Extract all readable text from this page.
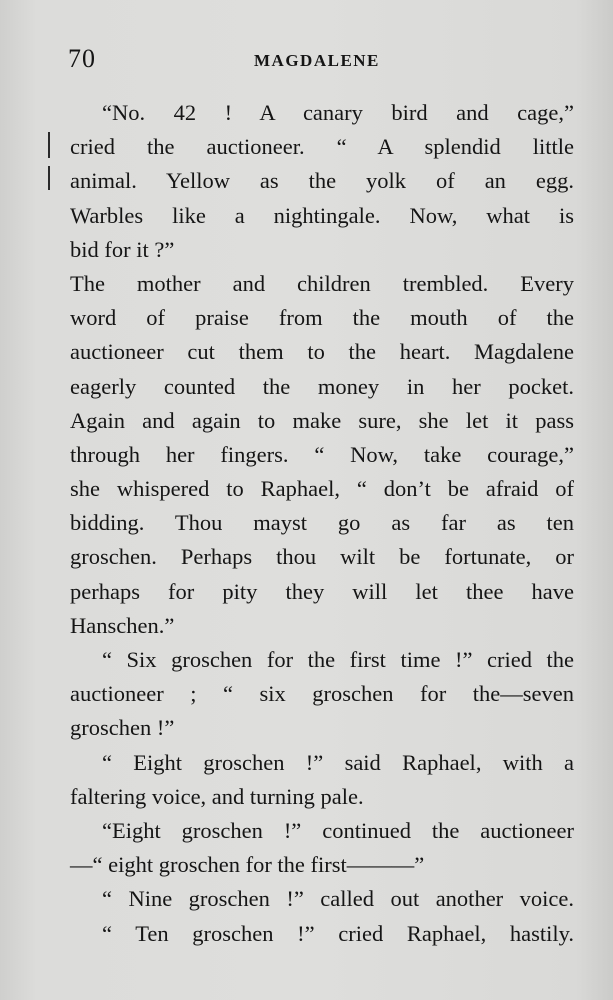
70	MAGDALENE
“No. 42 ! A canary bird and cage,”
cried the auctioneer. “ A splendid little
animal. Yellow as the yolk of an egg.
Warbles like a nightingale. Now, what is
bid for it ?”
The mother and children trembled. Every
word of praise from the mouth of the
auctioneer cut them to the heart. Magdalene
eagerly counted the money in her pocket.
Again and again to make sure, she let it pass
through her fingers. “ Now, take courage,”
she whispered to Raphael, “ don’t be afraid of
bidding. Thou mayst go as far as ten
groschen. Perhaps thou wilt be fortunate, or
perhaps for pity they will let thee have
Hanschen.”
“ Six groschen for the first time !” cried the
auctioneer ; “ six groschen for the—seven
groschen !”
“ Eight groschen !” said Raphael, with a
faltering voice, and turning pale.
“Eight groschen !” continued the auctioneer
—“ eight groschen for the first———”
“ Nine groschen !” called out another voice.
“ Ten groschen !” cried Raphael, hastily.
